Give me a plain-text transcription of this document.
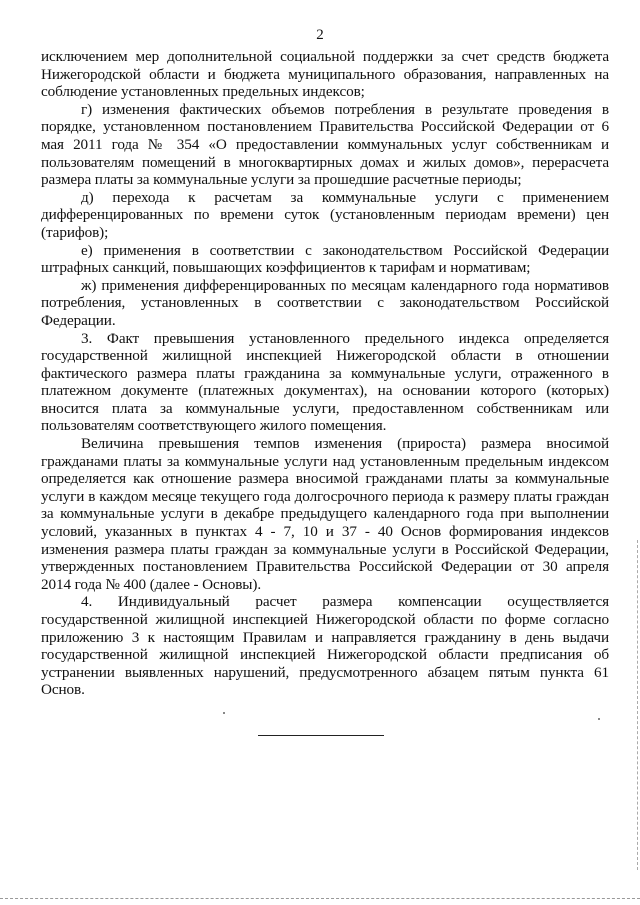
2

исключением мер дополнительной социальной поддержки за счет средств бюджета Нижегородской области и бюджета муниципального образования, направленных на соблюдение установленных предельных индексов;

г) изменения фактических объемов потребления в результате проведения в порядке, установленном постановлением Правительства Российской Федерации от 6 мая 2011 года № 354 «О предоставлении коммунальных услуг собственникам и пользователям помещений в многоквартирных домах и жилых домов», перерасчета размера платы за коммунальные услуги за прошедшие расчетные периоды;

д) перехода к расчетам за коммунальные услуги с применением дифференцированных по времени суток (установленным периодам времени) цен (тарифов);

е) применения в соответствии с законодательством Российской Федерации штрафных санкций, повышающих коэффициентов к тарифам и нормативам;

ж) применения дифференцированных по месяцам календарного года нормативов потребления, установленных в соответствии с законодательством Российской Федерации.

3. Факт превышения установленного предельного индекса определяется государственной жилищной инспекцией Нижегородской области в отношении фактического размера платы гражданина за коммунальные услуги, отраженного в платежном документе (платежных документах), на основании которого (которых) вносится плата за коммунальные услуги, предоставленном собственникам или пользователям соответствующего жилого помещения.

Величина превышения темпов изменения (прироста) размера вносимой гражданами платы за коммунальные услуги над установленным предельным индексом определяется как отношение размера вносимой гражданами платы за коммунальные услуги в каждом месяце текущего года долгосрочного периода к размеру платы граждан за коммунальные услуги в декабре предыдущего календарного года при выполнении условий, указанных в пунктах 4 - 7, 10 и 37 - 40 Основ формирования индексов изменения размера платы граждан за коммунальные услуги в Российской Федерации, утвержденных постановлением Правительства Российской Федерации от 30 апреля 2014 года № 400 (далее - Основы).

4. Индивидуальный расчет размера компенсации осуществляется государственной жилищной инспекцией Нижегородской области по форме согласно приложению 3 к настоящим Правилам и направляется гражданину в день выдачи государственной жилищной инспекцией Нижегородской области предписания об устранении выявленных нарушений, предусмотренного абзацем пятым пункта 61 Основ.
